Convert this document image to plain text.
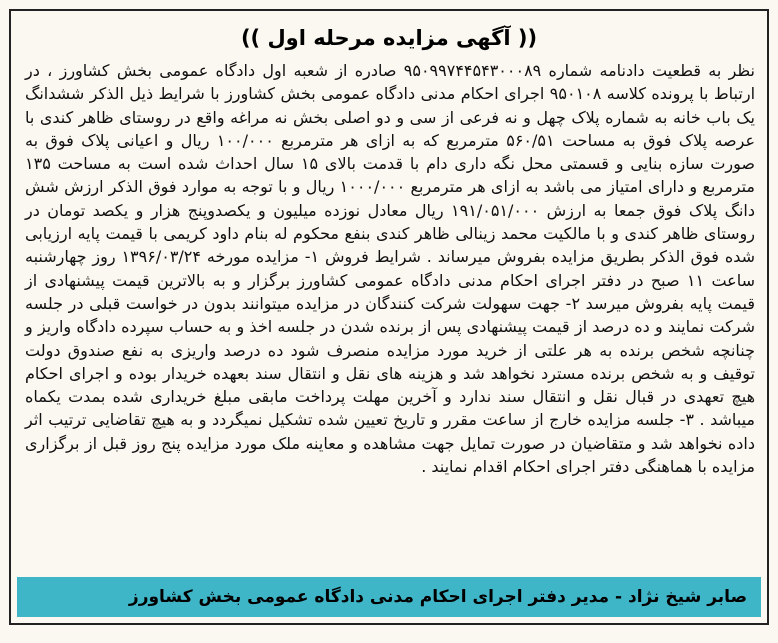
(( آگهی مزایده مرحله اول ))
نظر به قطعیت دادنامه شماره ۹۵۰۹۹۷۴۴۵۴۳۰۰۰۸۹ صادره از شعبه اول دادگاه عمومی بخش کشاورز ، در ارتباط با پرونده کلاسه ۹۵۰۱۰۸ اجرای احکام مدنی دادگاه عمومی بخش کشاورز با شرایط ذیل الذکر ششدانگ یک باب خانه به شماره پلاک چهل و نه فرعی از سی و دو اصلی بخش نه مراغه واقع در روستای ظاهر کندی با عرصه پلاک فوق به مساحت ۵۶۰/۵۱ مترمربع که به ازای هر مترمربع ۱۰۰/۰۰۰ ریال و اعیانی پلاک فوق به صورت سازه بنایی و قسمتی محل نگه داری دام با قدمت بالای ۱۵ سال احداث شده است به مساحت ۱۳۵ مترمربع و دارای امتیاز می باشد به ازای هر مترمربع ۱۰۰۰/۰۰۰ ریال و با توجه به موارد فوق الذکر ارزش شش دانگ پلاک فوق جمعا به ارزش ۱۹۱/۰۵۱/۰۰۰ ریال معادل نوزده میلیون و یکصدوپنج هزار و یکصد تومان در روستای ظاهر کندی و با مالکیت محمد زینالی ظاهر کندی بنفع محکوم له بنام داود کریمی با قیمت پایه ارزیابی شده فوق الذکر بطریق مزایده بفروش میرساند . شرایط فروش ۱- مزایده مورخه ۱۳۹۶/۰۳/۲۴ روز چهارشنبه ساعت ۱۱ صبح در دفتر اجرای احکام مدنی دادگاه عمومی کشاورز برگزار و به بالاترین قیمت پیشنهادی از قیمت پایه بفروش میرسد ۲- جهت سهولت شرکت کنندگان در مزایده میتوانند بدون در خواست قبلی در جلسه شرکت نمایند و ده درصد از قیمت پیشنهادی پس از برنده شدن در جلسه اخذ و به حساب سپرده دادگاه واریز و چنانچه شخص برنده به هر علتی از خرید مورد مزایده منصرف شود ده درصد واریزی به نفع صندوق دولت توقیف و به شخص برنده مسترد نخواهد شد و هزینه های نقل و انتقال سند بعهده خریدار بوده و اجرای احکام هیچ تعهدی در قبال نقل و انتقال سند ندارد و آخرین مهلت پرداخت مابقی مبلغ خریداری شده بمدت یکماه میباشد . ۳- جلسه مزایده خارج از ساعت مقرر و تاریخ تعیین شده تشکیل نمیگردد و به هیچ تقاضایی ترتیب اثر داده نخواهد شد و متقاضیان در صورت تمایل جهت مشاهده و معاینه ملک مورد مزایده پنج روز قبل از برگزاری مزایده با هماهنگی دفتر اجرای احکام اقدام نمایند .
صابر شیخ نژاد - مدیر دفتر اجرای احکام مدنی دادگاه عمومی بخش کشاورز
